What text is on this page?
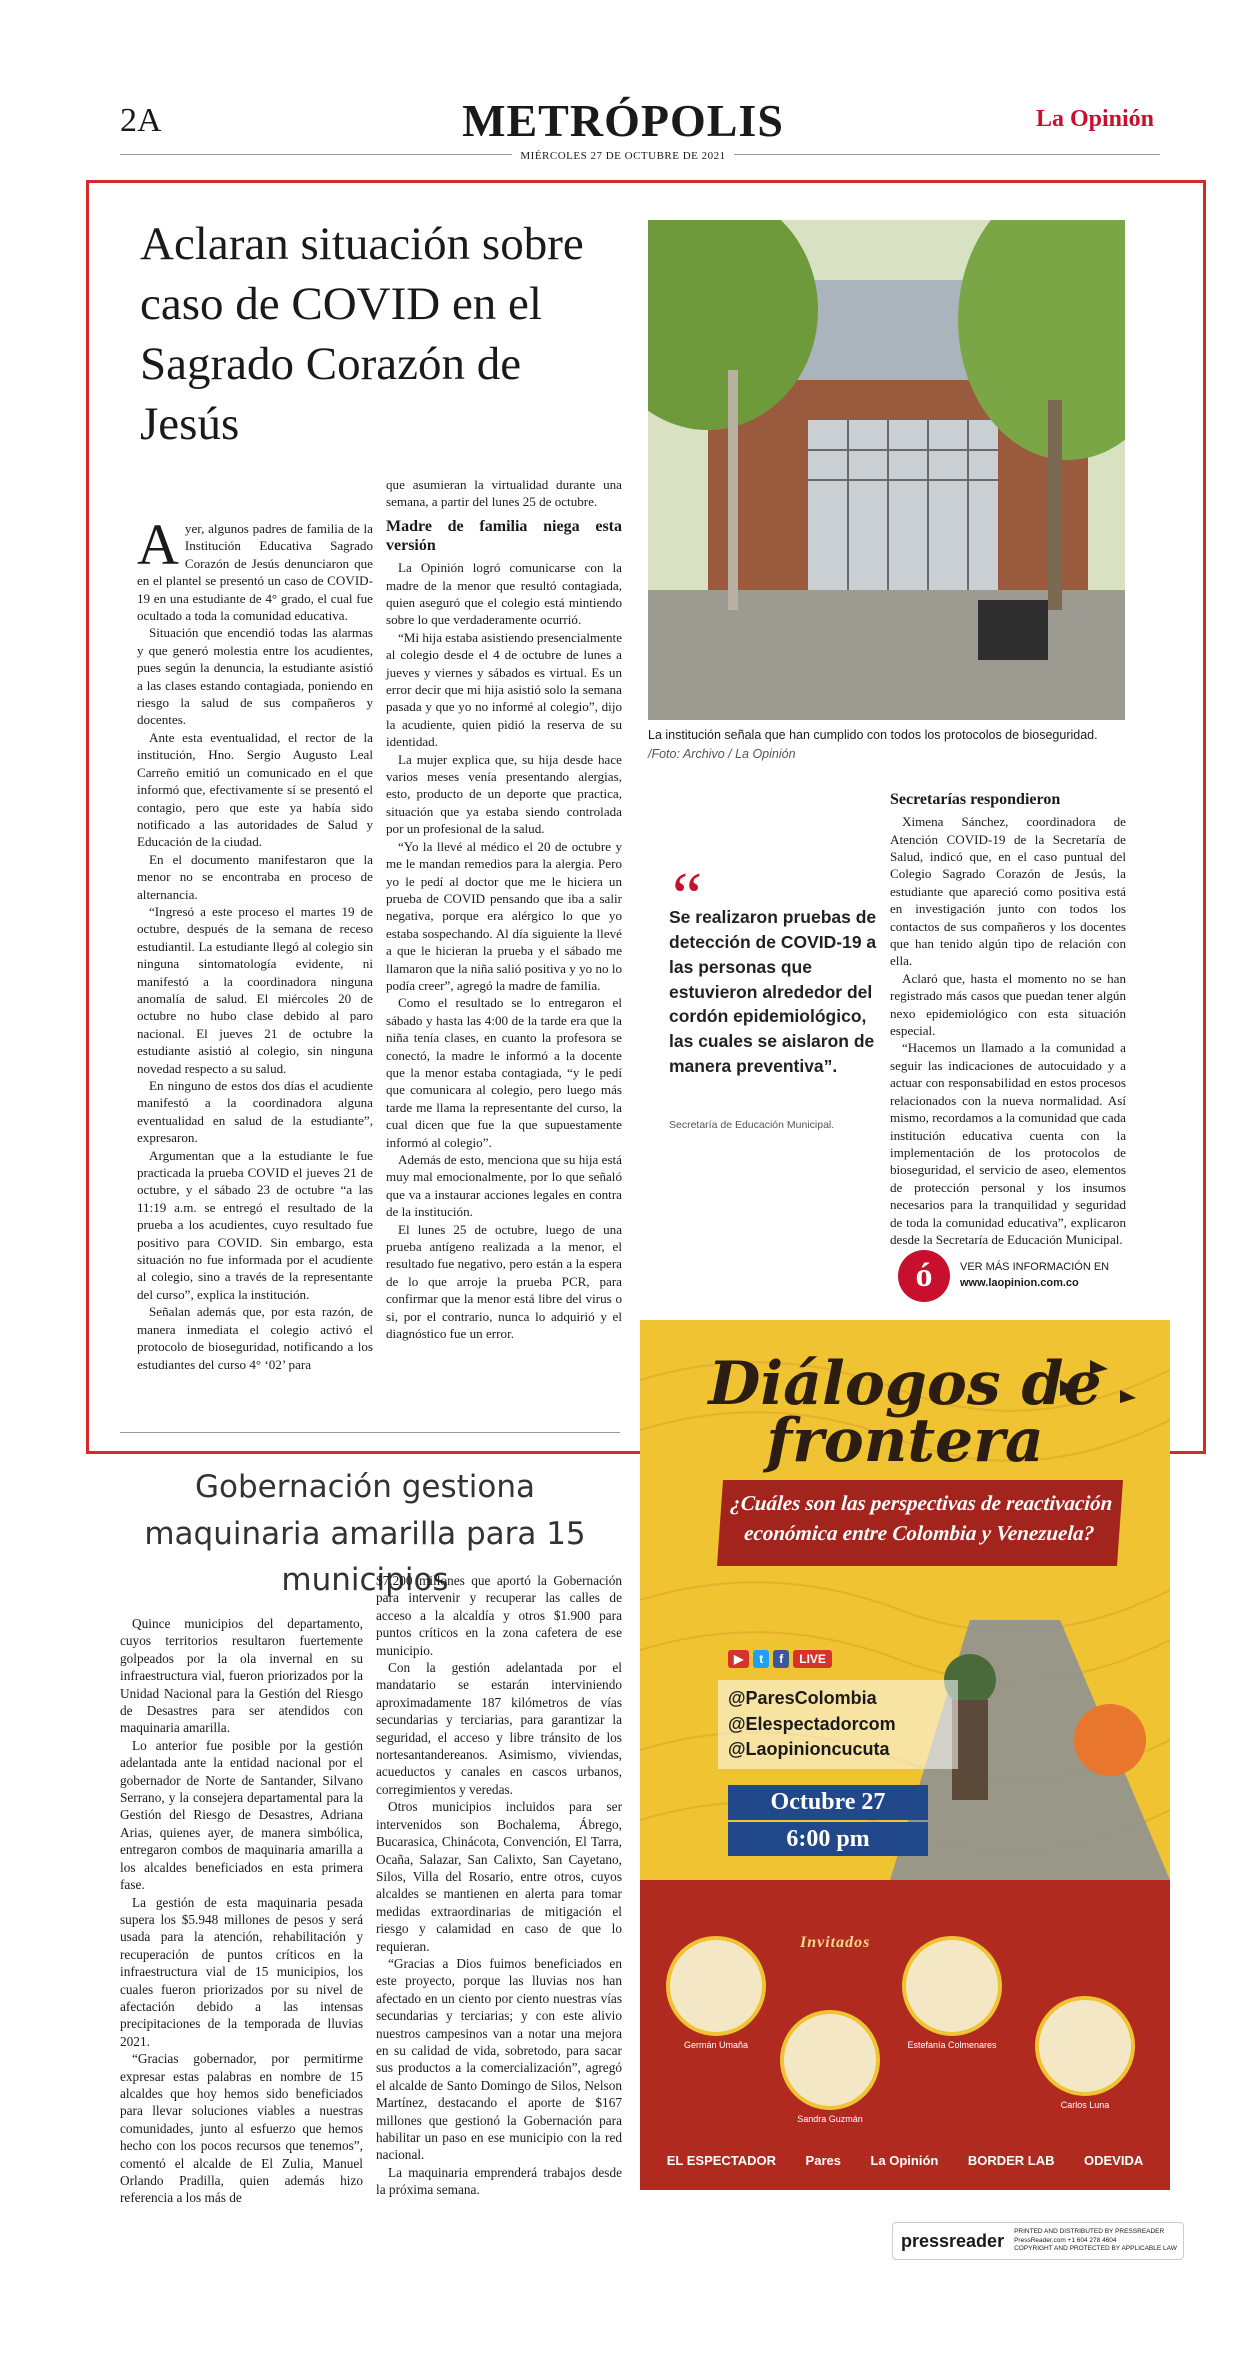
2A	METRÓPOLIS	La Opinión
MIÉRCOLES 27 DE OCTUBRE DE 2021
Aclaran situación sobre caso de COVID en el Sagrado Corazón de Jesús

Ayer, algunos padres de familia de la Institución Educativa Sagrado Corazón de Jesús denunciaron que en el plantel se presentó un caso de COVID-19 en una estudiante de 4° grado, el cual fue ocultado a toda la comunidad educativa.

Situación que encendió todas las alarmas y que generó molestia entre los acudientes, pues según la denuncia, la estudiante asistió a las clases estando contagiada, poniendo en riesgo la salud de sus compañeros y docentes.

Ante esta eventualidad, el rector de la institución, Hno. Sergio Augusto Leal Carreño emitió un comunicado en el que informó que, efectivamente sí se presentó el contagio, pero que este ya había sido notificado a las autoridades de Salud y Educación de la ciudad.

En el documento manifestaron que la menor no se encontraba en proceso de alternancia.

“Ingresó a este proceso el martes 19 de octubre, después de la semana de receso estudiantil. La estudiante llegó al colegio sin ninguna sintomatología evidente, ni manifestó a la coordinadora ninguna anomalía de salud. El miércoles 20 de octubre no hubo clase debido al paro nacional. El jueves 21 de octubre la estudiante asistió al colegio, sin ninguna novedad respecto a su salud.

En ninguno de estos dos días el acudiente manifestó a la coordinadora alguna eventualidad en salud de la estudiante”, expresaron.

Argumentan que a la estudiante le fue practicada la prueba COVID el jueves 21 de octubre, y el sábado 23 de octubre “a las 11:19 a.m. se entregó el resultado de la prueba a los acudientes, cuyo resultado fue positivo para COVID. Sin embargo, esta situación no fue informada por el acudiente al colegio, sino a través de la representante del curso”, explica la institución.

Señalan además que, por esta razón, de manera inmediata el colegio activó el protocolo de bioseguridad, notificando a los estudiantes del curso 4° ‘02’ para

que asumieran la virtualidad durante una semana, a partir del lunes 25 de octubre.

Madre de familia niega esta versión

La Opinión logró comunicarse con la madre de la menor que resultó contagiada, quien aseguró que el colegio está mintiendo sobre lo que verdaderamente ocurrió.

“Mi hija estaba asistiendo presencialmente al colegio desde el 4 de octubre de lunes a jueves y viernes y sábados es virtual. Es un error decir que mi hija asistió solo la semana pasada y que yo no informé al colegio”, dijo la acudiente, quien pidió la reserva de su identidad.

La mujer explica que, su hija desde hace varios meses venía presentando alergias, esto, producto de un deporte que practica, situación que ya estaba siendo controlada por un profesional de la salud.

“Yo la llevé al médico el 20 de octubre y me le mandan remedios para la alergia. Pero yo le pedí al doctor que me le hiciera un prueba de COVID pensando que iba a salir negativa, porque era alérgico lo que yo estaba sospechando. Al día siguiente la llevé a que le hicieran la prueba y el sábado me llamaron que la niña salió positiva y yo no lo podía creer”, agregó la madre de familia.

Como el resultado se lo entregaron el sábado y hasta las 4:00 de la tarde era que la niña tenía clases, en cuanto la profesora se conectó, la madre le informó a la docente que la menor estaba contagiada, “y le pedí que comunicara al colegio, pero luego más tarde me llama la representante del curso, la cual dicen que fue la que supuestamente informó al colegio”.

Además de esto, menciona que su hija está muy mal emocionalmente, por lo que señaló que va a instaurar acciones legales en contra de la institución.

El lunes 25 de octubre, luego de una prueba antígeno realizada a la menor, el resultado fue negativo, pero están a la espera de lo que arroje la prueba PCR, para confirmar que la menor está libre del virus o si, por el contrario, nunca lo adquirió y el diagnóstico fue un error.

La institución señala que han cumplido con todos los protocolos de bioseguridad. /Foto: Archivo / La Opinión
“
Se realizaron pruebas de detección de COVID-19 a las personas que estuvieron alrededor del cordón epidemiológico, las cuales se aislaron de manera preventiva”.
Secretaría de Educación Municipal.
Secretarías respondieron

Ximena Sánchez, coordinadora de Atención COVID-19 de la Secretaría de Salud, indicó que, en el caso puntual del Colegio Sagrado Corazón de Jesús, la estudiante que apareció como positiva está en investigación junto con todos los contactos de sus compañeros y los docentes que han tenido algún tipo de relación con ella.

Aclaró que, hasta el momento no se han registrado más casos que puedan tener algún nexo epidemiológico con esta situación especial.

“Hacemos un llamado a la comunidad a seguir las indicaciones de autocuidado y a actuar con responsabilidad en estos procesos relacionados con la nueva normalidad. Así mismo, recordamos a la comunidad que cada institución educativa cuenta con la implementación de los protocolos de bioseguridad, el servicio de aseo, elementos de protección personal y los insumos necesarios para la tranquilidad y seguridad de toda la comunidad educativa”, explicaron desde la Secretaría de Educación Municipal.

ó	VER MÁS INFORMACIÓN EN
www.laopinion.com.co
Gobernación gestiona maquinaria amarilla para 15 municipios

Quince municipios del departamento, cuyos territorios resultaron fuertemente golpeados por la ola invernal en su infraestructura vial, fueron priorizados por la Unidad Nacional para la Gestión del Riesgo de Desastres para ser atendidos con maquinaria amarilla.

Lo anterior fue posible por la gestión adelantada ante la entidad nacional por el gobernador de Norte de Santander, Silvano Serrano, y la consejera departamental para la Gestión del Riesgo de Desastres, Adriana Arias, quienes ayer, de manera simbólica, entregaron combos de maquinaria amarilla a los alcaldes beneficiados en esta primera fase.

La gestión de esta maquinaria pesada supera los $5.948 millones de pesos y será usada para la atención, rehabilitación y recuperación de puntos críticos en la infraestructura vial de 15 municipios, los cuales fueron priorizados por su nivel de afectación debido a las intensas precipitaciones de la temporada de lluvias 2021.

“Gracias gobernador, por permitirme expresar estas palabras en nombre de 15 alcaldes que hoy hemos sido beneficiados para llevar soluciones viables a nuestras comunidades, junto al esfuerzo que hemos hecho con los pocos recursos que tenemos”, comentó el alcalde de El Zulia, Manuel Orlando Pradilla, quien además hizo referencia a los más de

$7.200 millones que aportó la Gobernación para intervenir y recuperar las calles de acceso a la alcaldía y otros $1.900 para puntos críticos en la zona cafetera de ese municipio.

Con la gestión adelantada por el mandatario se estarán interviniendo aproximadamente 187 kilómetros de vías secundarias y terciarias, para garantizar la seguridad, el acceso y libre tránsito de los nortesantandereanos. Asimismo, viviendas, acueductos y canales en cascos urbanos, corregimientos y veredas.

Otros municipios incluidos para ser intervenidos son Bochalema, Ábrego, Bucarasica, Chinácota, Convención, El Tarra, Ocaña, Salazar, San Calixto, San Cayetano, Silos, Villa del Rosario, entre otros, cuyos alcaldes se mantienen en alerta para tomar medidas extraordinarias de mitigación el riesgo y calamidad en caso de que lo requieran.

“Gracias a Dios fuimos beneficiados en este proyecto, porque las lluvias nos han afectado en un ciento por ciento nuestras vías secundarias y terciarias; y con este alivio nuestros campesinos van a notar una mejora en su calidad de vida, sobretodo, para sacar sus productos a la comercialización”, agregó el alcalde de Santo Domingo de Silos, Nelson Martínez, destacando el aporte de $167 millones que gestionó la Gobernación para habilitar un paso en ese municipio con la red nacional.

La maquinaria emprenderá trabajos desde la próxima semana.

Diálogos de frontera
¿Cuáles son las perspectivas de reactivación económica entre Colombia y Venezuela?
▶ t f LIVE
@ParesColombia
@Elespectadorcom
@Laopinioncucuta
Octubre 27
6:00 pm
Invitados
Germán Umaña
Sandra Guzmán
Estefanía Colmenares
Carlos Luna
EL ESPECTADOR Pares La Opinión BORDER LAB ODEVIDA
pressreader PRINTED AND DISTRIBUTED BY PRESSREADER
PressReader.com +1 604 278 4604
COPYRIGHT AND PROTECTED BY APPLICABLE LAW
